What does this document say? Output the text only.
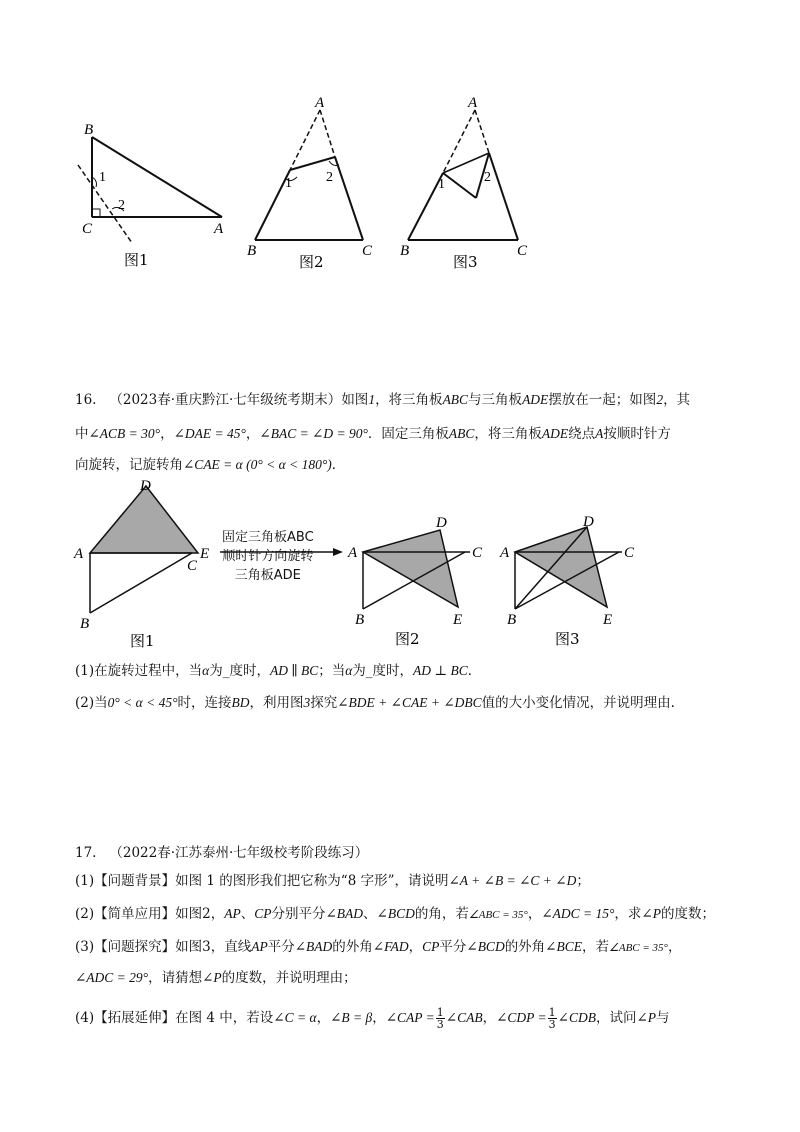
B
C	A
1
2
图1
A
B	C
1 2
图2
A
B	C
1	2
图3
16. （2023春·重庆黔江·七年级统考期末）如图1，将三角板ABC与三角板ADE摆放在一起；如图2，其
中∠ACB = 30°，∠DAE = 45°，∠BAC = ∠D = 90°．固定三角板ABC，将三角板ADE绕点A按顺时针方
向旋转，记旋转角∠CAE = α (0° < α < 180°)．
D
A	E
C
B
图1
固定三角板ABC
顺时针方向旋转
三角板ADE
D
A	C
B	E
图2
D
A	C
B	E
图3
(1)在旋转过程中，当α为_度时，AD ∥ BC；当α为_度时，AD ⊥ BC．
(2)当0° < α < 45°时，连接BD，利用图3探究∠BDE + ∠CAE + ∠DBC值的大小变化情况，并说明理由.
17. （2022春·江苏泰州·七年级校考阶段练习）
(1)【问题背景】如图 1 的图形我们把它称为“8 字形”，请说明∠A + ∠B = ∠C + ∠D；
(2)【简单应用】如图2，AP、CP分别平分∠BAD、∠BCD的角，若∠ABC = 35°，∠ADC = 15°，求∠P的度数；
(3)【问题探究】如图3，直线AP平分∠BAD的外角∠FAD，CP平分∠BCD的外角∠BCE，若∠ABC = 35°，
∠ADC = 29°，请猜想∠P的度数，并说明理由；
(4)【拓展延伸】在图 4 中，若设∠C = α，∠B = β，∠CAP = $\frac{1}{3}$ ∠CAB，∠CDP = $\frac{1}{3}$ ∠CDB，试问∠P与
